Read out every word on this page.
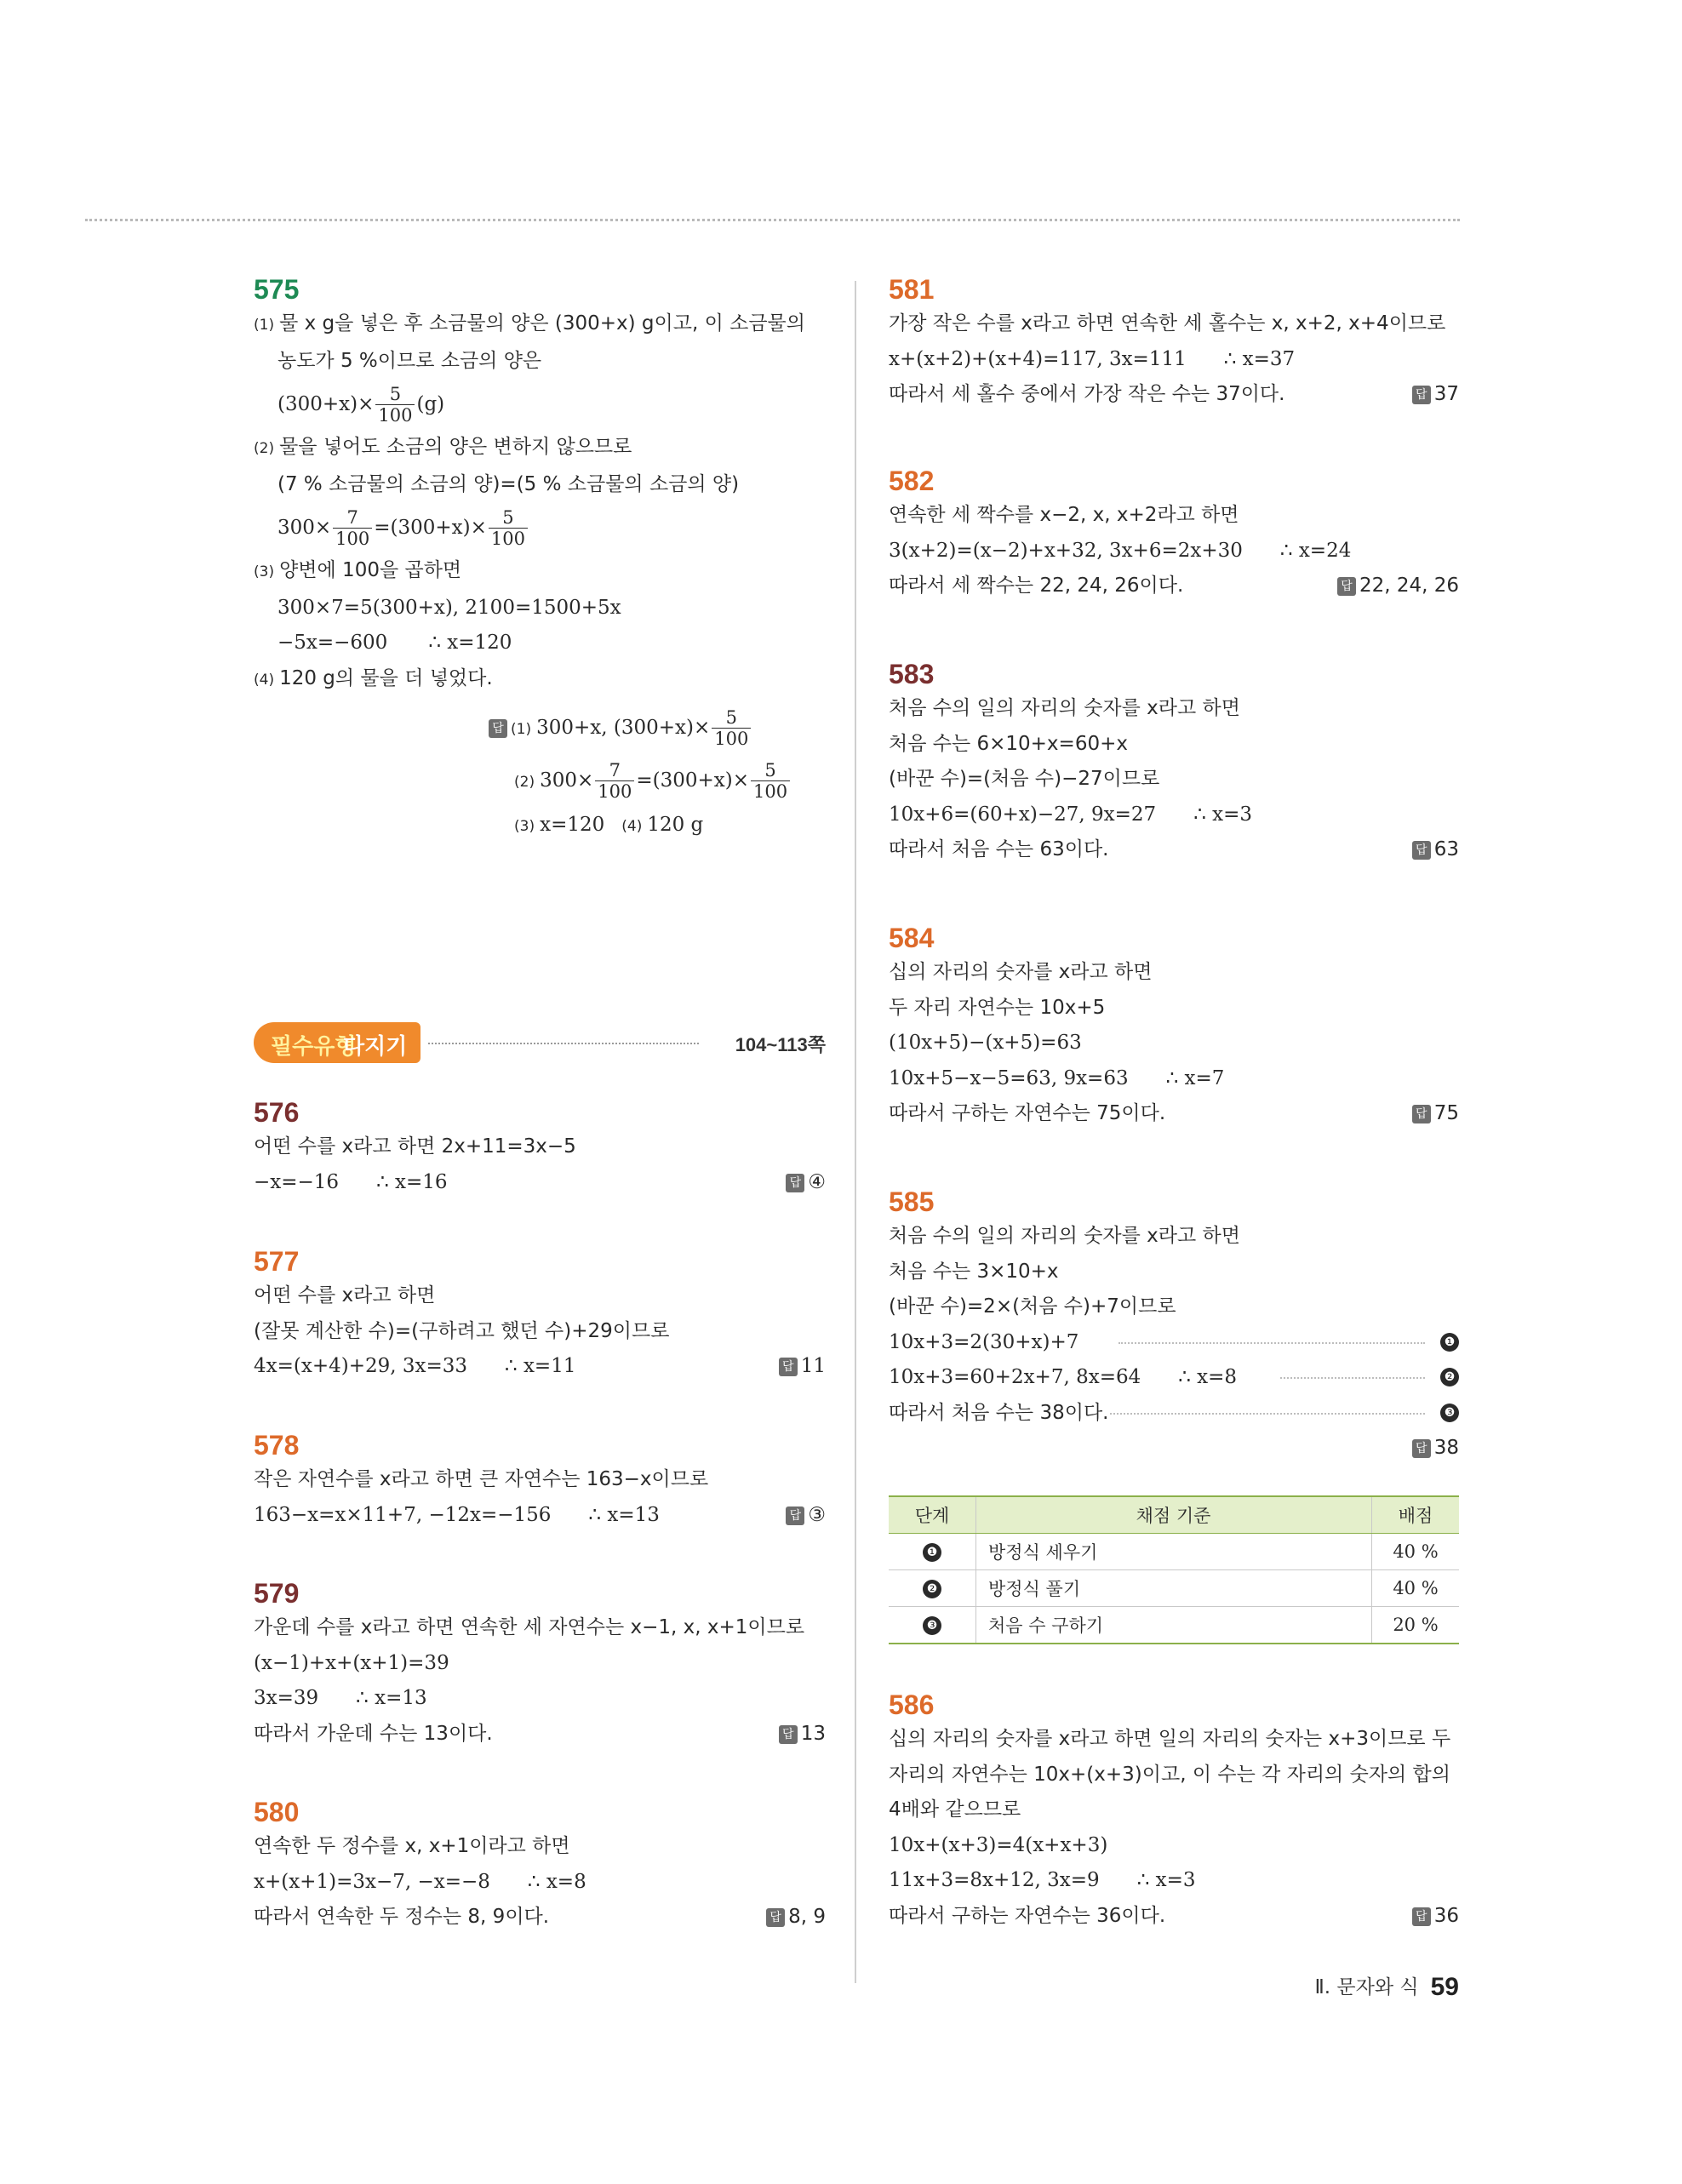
575
(1) 물 x g을 넣은 후 소금물의 양은 (300+x) g이고, 이 소금물의
농도가 5 %이므로 소금의 양은
$(300+x)\times \frac{5}{100} (g)$
(2) 물을 넣어도 소금의 양은 변하지 않으므로
(7 % 소금물의 소금의 양)=(5 % 소금물의 소금의 양)
$300\times \frac{7}{100} =(300+x)\times \frac{5}{100}$
(3) 양변에 100을 곱하면
300×7=5(300+x), 2100=1500+5x
−5x=−600 ∴ x=120
(4) 120 g의 물을 더 넣었다.
답 (1) 300+x, $(300+x)\times \frac{5}{100}$
(2) $300\times \frac{7}{100} =(300+x)\times \frac{5}{100}$
(3) x=120 (4) 120 g
필수유형
다지기	104~113쪽
576
어떤 수를 x라고 하면 2x+11=3x−5
−x=−16 ∴ x=16	답 ④
577
어떤 수를 x라고 하면
(잘못 계산한 수)=(구하려고 했던 수)+29이므로
4x=(x+4)+29, 3x=33 ∴ x=11	답 11
578
작은 자연수를 x라고 하면 큰 자연수는 163−x이므로
163−x=x×11+7, −12x=−156 ∴ x=13	답 ③
579
가운데 수를 x라고 하면 연속한 세 자연수는 x−1, x, x+1이므로
(x−1)+x+(x+1)=39
3x=39 ∴ x=13
따라서 가운데 수는 13이다.	답 13
580
연속한 두 정수를 x, x+1이라고 하면
x+(x+1)=3x−7, −x=−8 ∴ x=8
따라서 연속한 두 정수는 8, 9이다.	답 8, 9
581
가장 작은 수를 x라고 하면 연속한 세 홀수는 x, x+2, x+4이므로
x+(x+2)+(x+4)=117, 3x=111 ∴ x=37
따라서 세 홀수 중에서 가장 작은 수는 37이다.	답 37
582
연속한 세 짝수를 x−2, x, x+2라고 하면
3(x+2)=(x−2)+x+32, 3x+6=2x+30 ∴ x=24
따라서 세 짝수는 22, 24, 26이다.	답 22, 24, 26
583
처음 수의 일의 자리의 숫자를 x라고 하면
처음 수는 6×10+x=60+x
(바꾼 수)=(처음 수)−27이므로
10x+6=(60+x)−27, 9x=27 ∴ x=3
따라서 처음 수는 63이다.	답 63
584
십의 자리의 숫자를 x라고 하면
두 자리 자연수는 10x+5
(10x+5)−(x+5)=63
10x+5−x−5=63, 9x=63 ∴ x=7
따라서 구하는 자연수는 75이다.	답 75
585
처음 수의 일의 자리의 숫자를 x라고 하면
처음 수는 3×10+x
(바꾼 수)=2×(처음 수)+7이므로
10x+3=2(30+x)+7	❶
10x+3=60+2x+7, 8x=64 ∴ x=8	❷
따라서 처음 수는 38이다.	❸
답 38
단계	채점 기준	배점
❶	방정식 세우기	40 %
❷	방정식 풀기	40 %
❸	처음 수 구하기	20 %
586
십의 자리의 숫자를 x라고 하면 일의 자리의 숫자는 x+3이므로 두
자리의 자연수는 10x+(x+3)이고, 이 수는 각 자리의 숫자의 합의
4배와 같으므로
10x+(x+3)=4(x+x+3)
11x+3=8x+12, 3x=9 ∴ x=3
따라서 구하는 자연수는 36이다.	답 36
Ⅱ. 문자와 식 59
